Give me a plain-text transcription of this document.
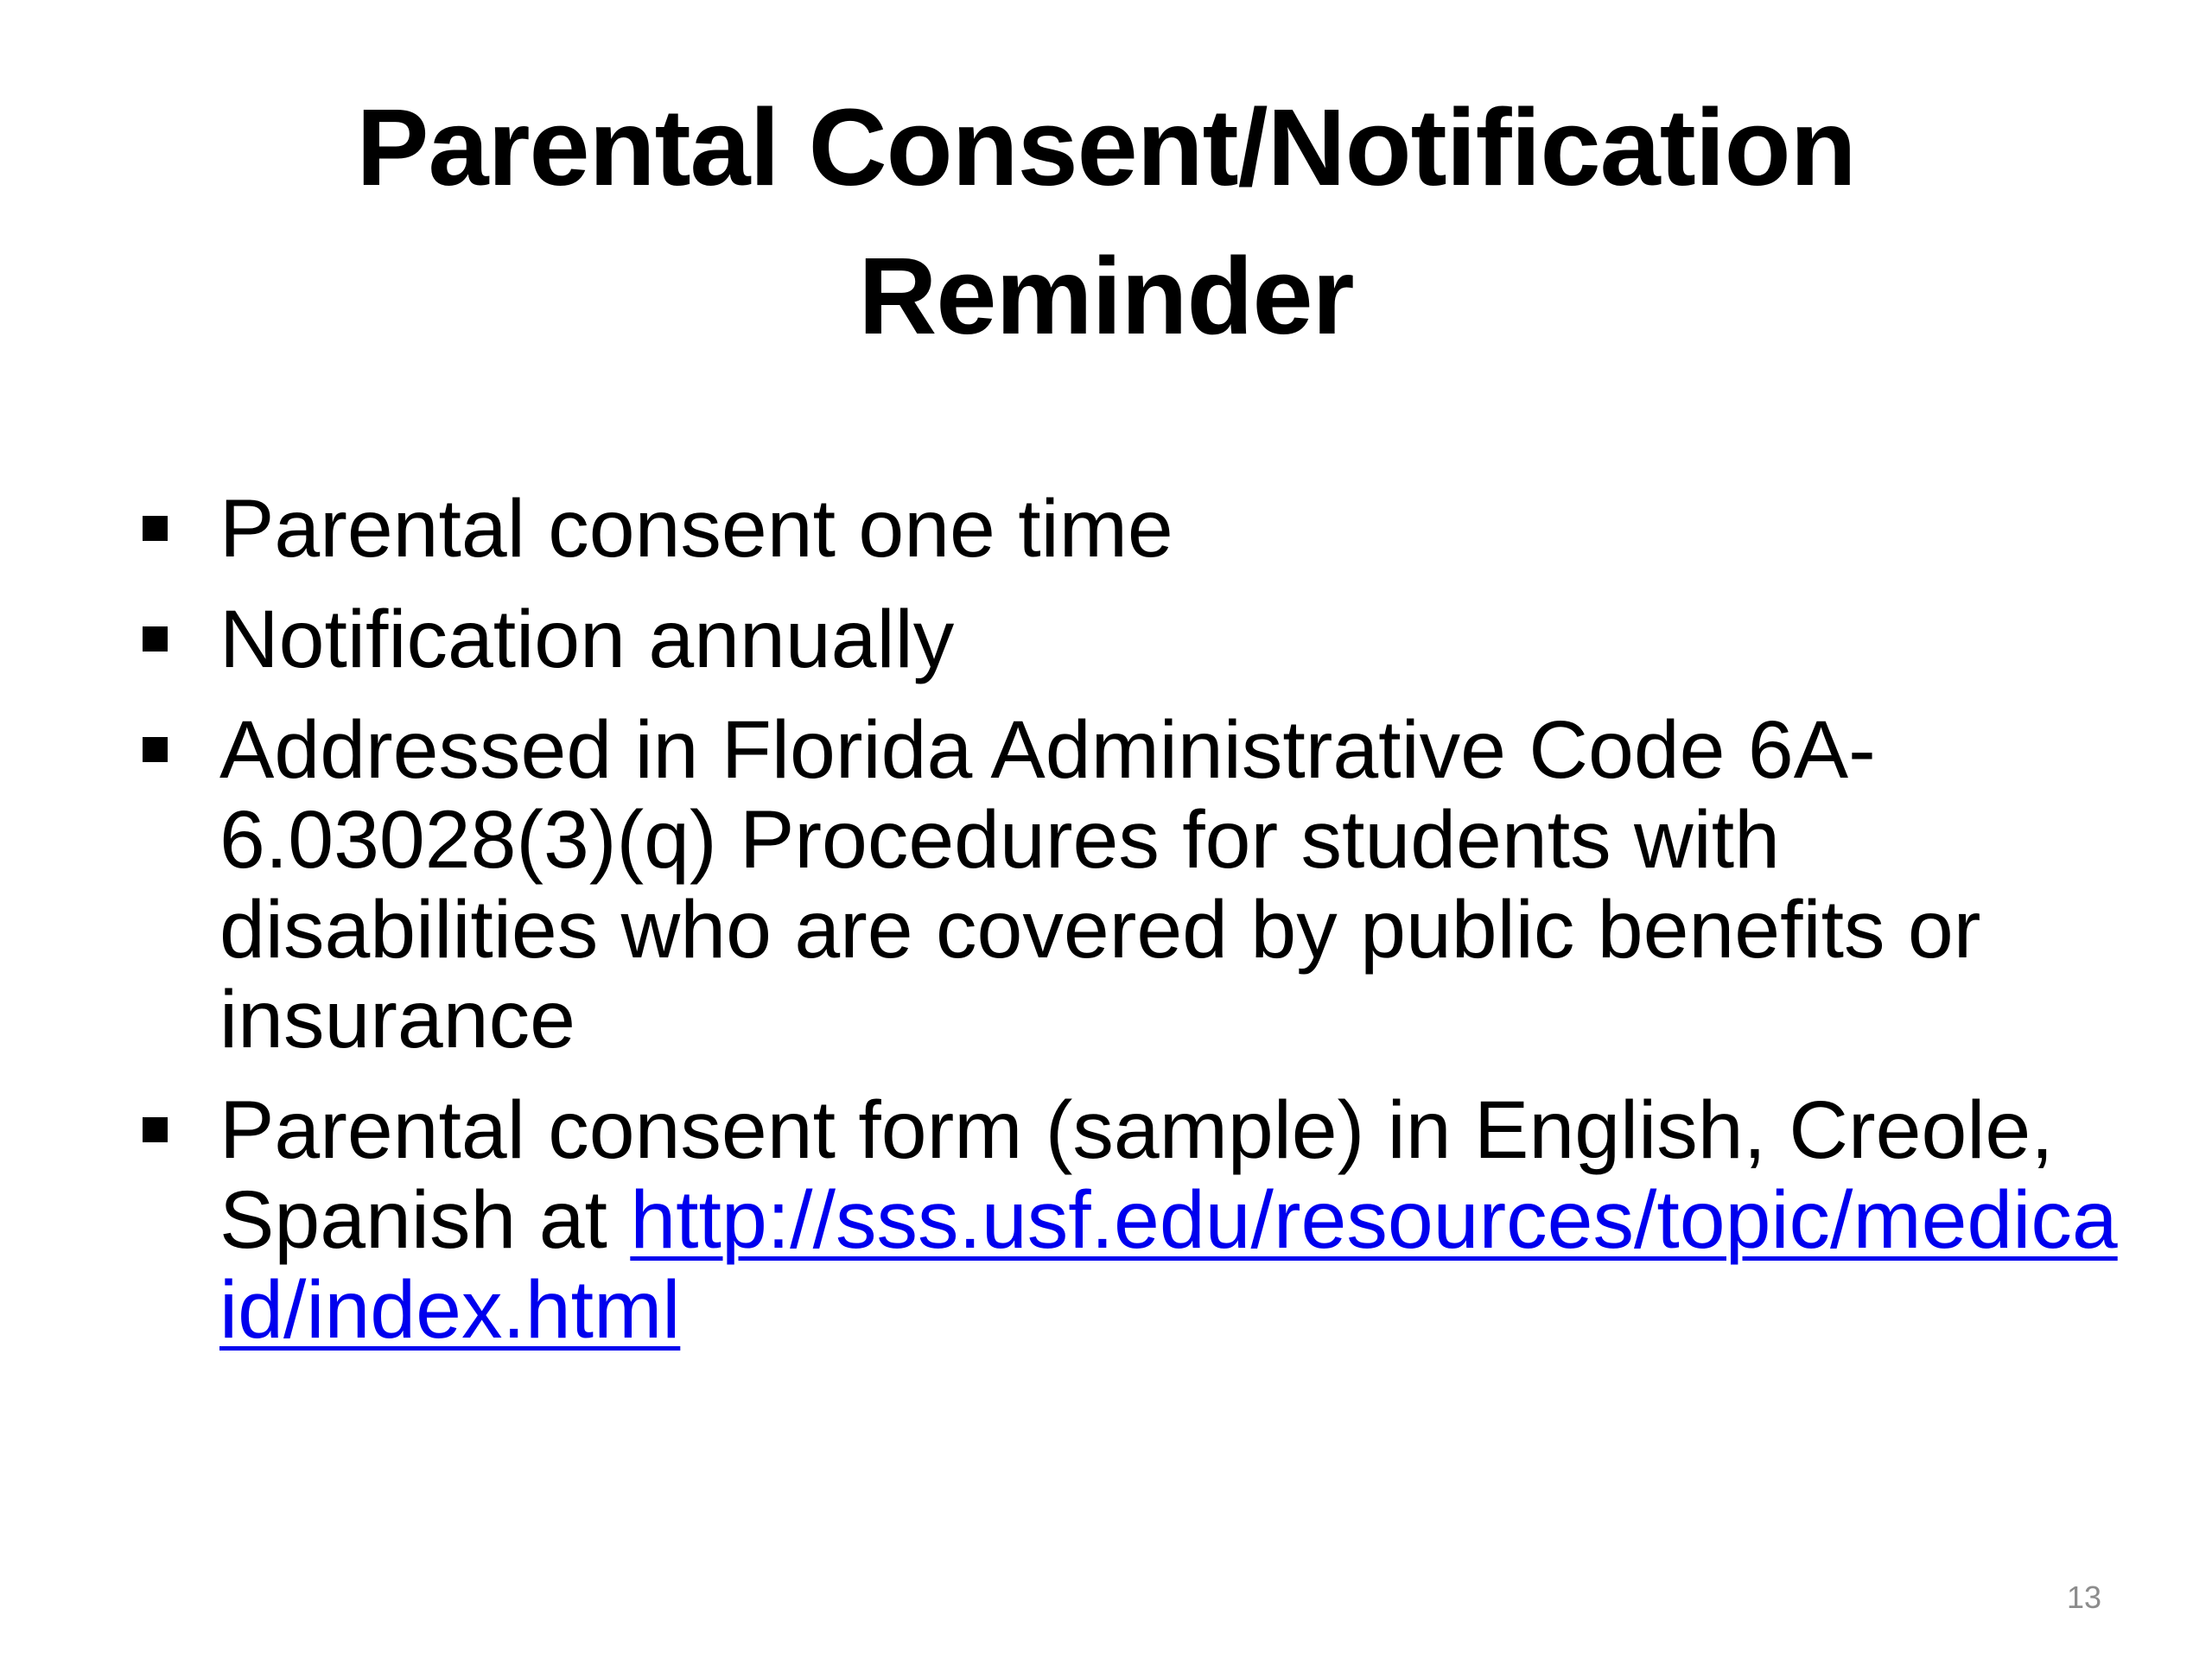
Parental Consent/Notification
Reminder
Parental consent one time
Notification annually
Addressed in Florida Administrative Code 6A-6.03028(3)(q) Procedures for students with disabilities who are covered by public benefits or insurance
Parental consent form (sample) in English, Creole, Spanish at http://sss.usf.edu/resources/topic/medicaid/index.html
13
